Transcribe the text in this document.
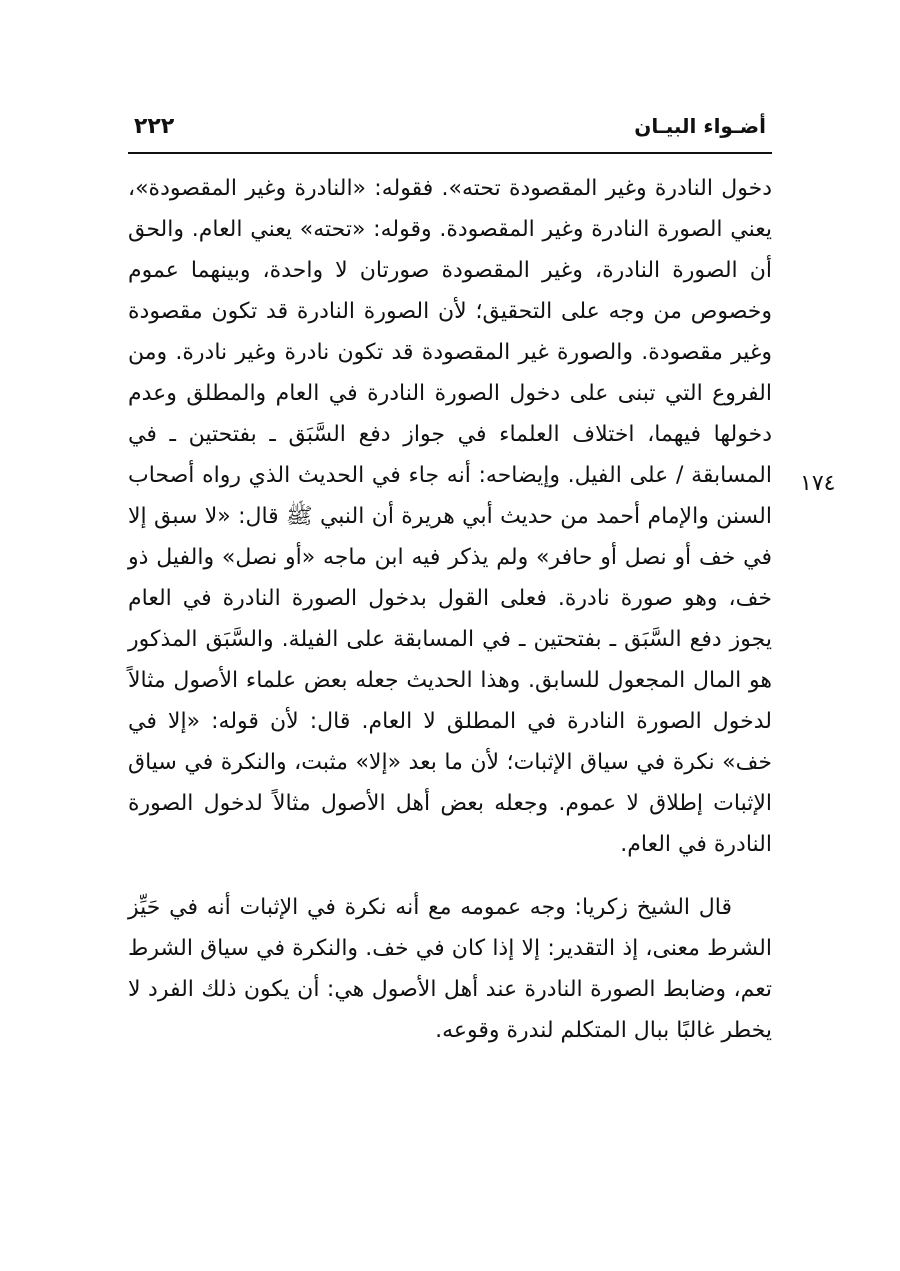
٢٢٢	أضـواء البيـان
١٧٤

دخول النادرة وغير المقصودة تحته». فقوله: «النادرة وغير المقصودة»، يعني الصورة النادرة وغير المقصودة. وقوله: «تحته» يعني العام. والحق أن الصورة النادرة، وغير المقصودة صورتان لا واحدة، وبينهما عموم وخصوص من وجه على التحقيق؛ لأن الصورة النادرة قد تكون مقصودة وغير مقصودة. والصورة غير المقصودة قد تكون نادرة وغير نادرة. ومن الفروع التي تبنى على دخول الصورة النادرة في العام والمطلق وعدم دخولها فيهما، اختلاف العلماء في جواز دفع السَّبَق ـ بفتحتين ـ في المسابقة / على الفيل. وإيضاحه: أنه جاء في الحديث الذي رواه أصحاب السنن والإمام أحمد من حديث أبي هريرة أن النبي ﷺ قال: «لا سبق إلا في خف أو نصل أو حافر» ولم يذكر فيه ابن ماجه «أو نصل» والفيل ذو خف، وهو صورة نادرة. فعلى القول بدخول الصورة النادرة في العام يجوز دفع السَّبَق ـ بفتحتين ـ في المسابقة على الفيلة. والسَّبَق المذكور هو المال المجعول للسابق. وهذا الحديث جعله بعض علماء الأصول مثالاً لدخول الصورة النادرة في المطلق لا العام. قال: لأن قوله: «إلا في خف» نكرة في سياق الإثبات؛ لأن ما بعد «إلا» مثبت، والنكرة في سياق الإثبات إطلاق لا عموم. وجعله بعض أهل الأصول مثالاً لدخول الصورة النادرة في العام.

قال الشيخ زكريا: وجه عمومه مع أنه نكرة في الإثبات أنه في حَيِّز الشرط معنى، إذ التقدير: إلا إذا كان في خف. والنكرة في سياق الشرط تعم، وضابط الصورة النادرة عند أهل الأصول هي: أن يكون ذلك الفرد لا يخطر غالبًا ببال المتكلم لندرة وقوعه.
